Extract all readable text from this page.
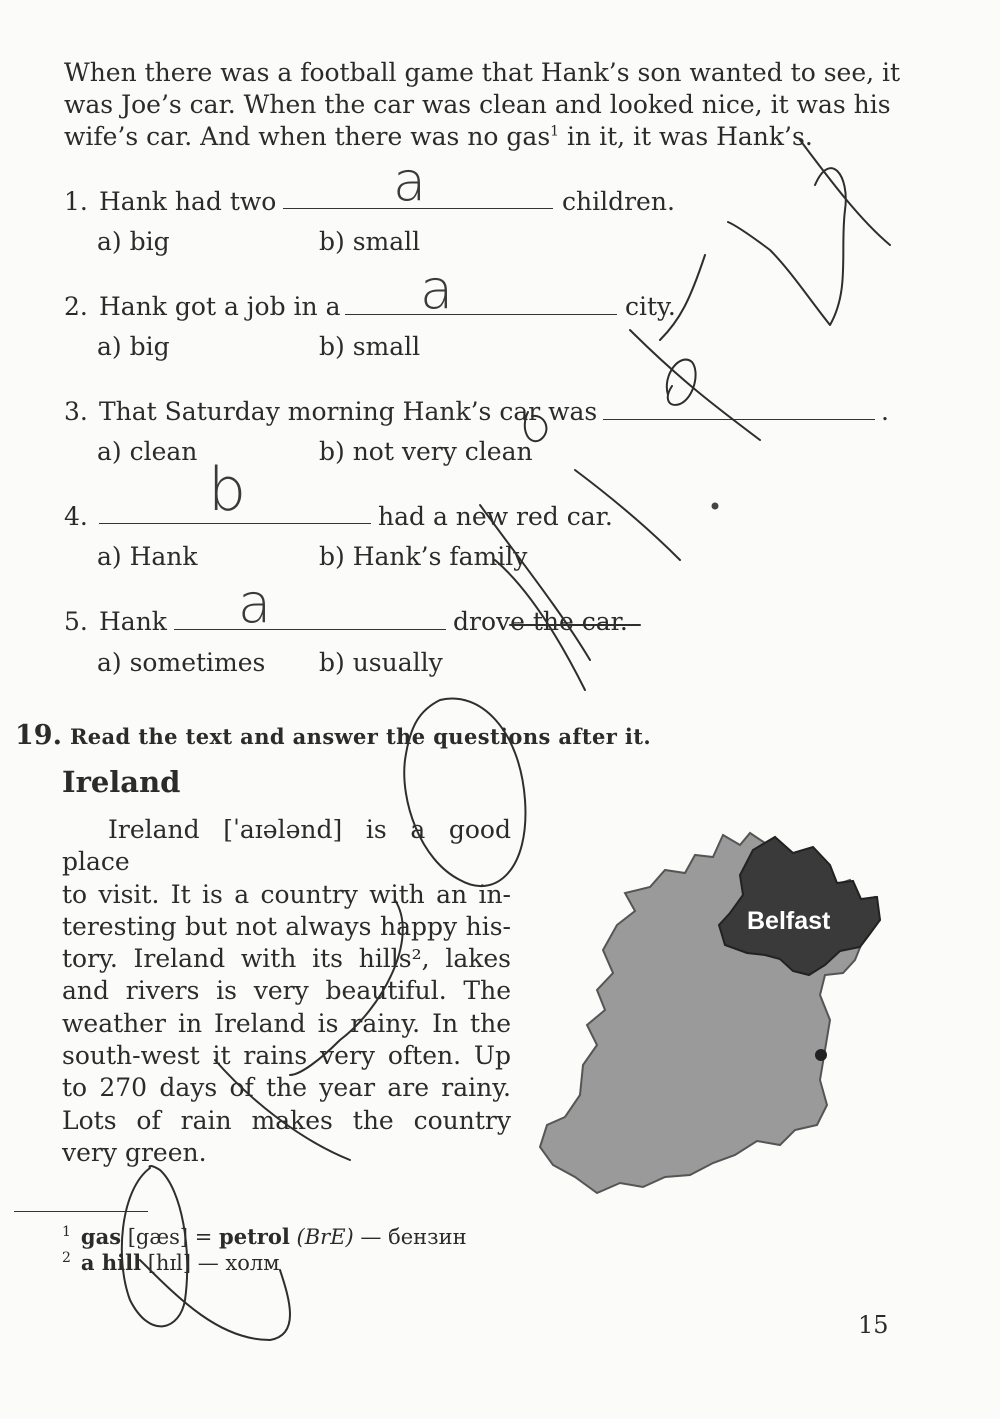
When there was a football game that Hank’s son wanted to see, it
was Joe’s car. When the car was clean and looked nice, it was his
wife’s car. And when there was no gas$^1$ in it, it was Hank’s.
1. Hank had two a	children.
a) big	b) small
2. Hank got a job in a a	city.
a) big	b) small
3. That Saturday morning Hank’s car was	.
a) clean	b) not very clean
b
4.	had a new red car.
a) Hank	b) Hank’s family
5. Hank a	drove the car.
a) sometimes b) usually
19. Read the text and answer the questions after it.
Ireland
Ireland [ˈaɪələnd] is a good place
to visit. It is a country with an in-
teresting but not always happy his-
tory. Ireland with its hills², lakes
and rivers is very beautiful. The
weather in Ireland is rainy. In the
south-west it rains very often. Up
to 270 days of the year are rainy.
Lots of rain makes the country
very green.
Belfast
$^1$ gas [gæs] = petrol (BrE) — бензин
$^2$ a hill [hɪl] — холм
15
